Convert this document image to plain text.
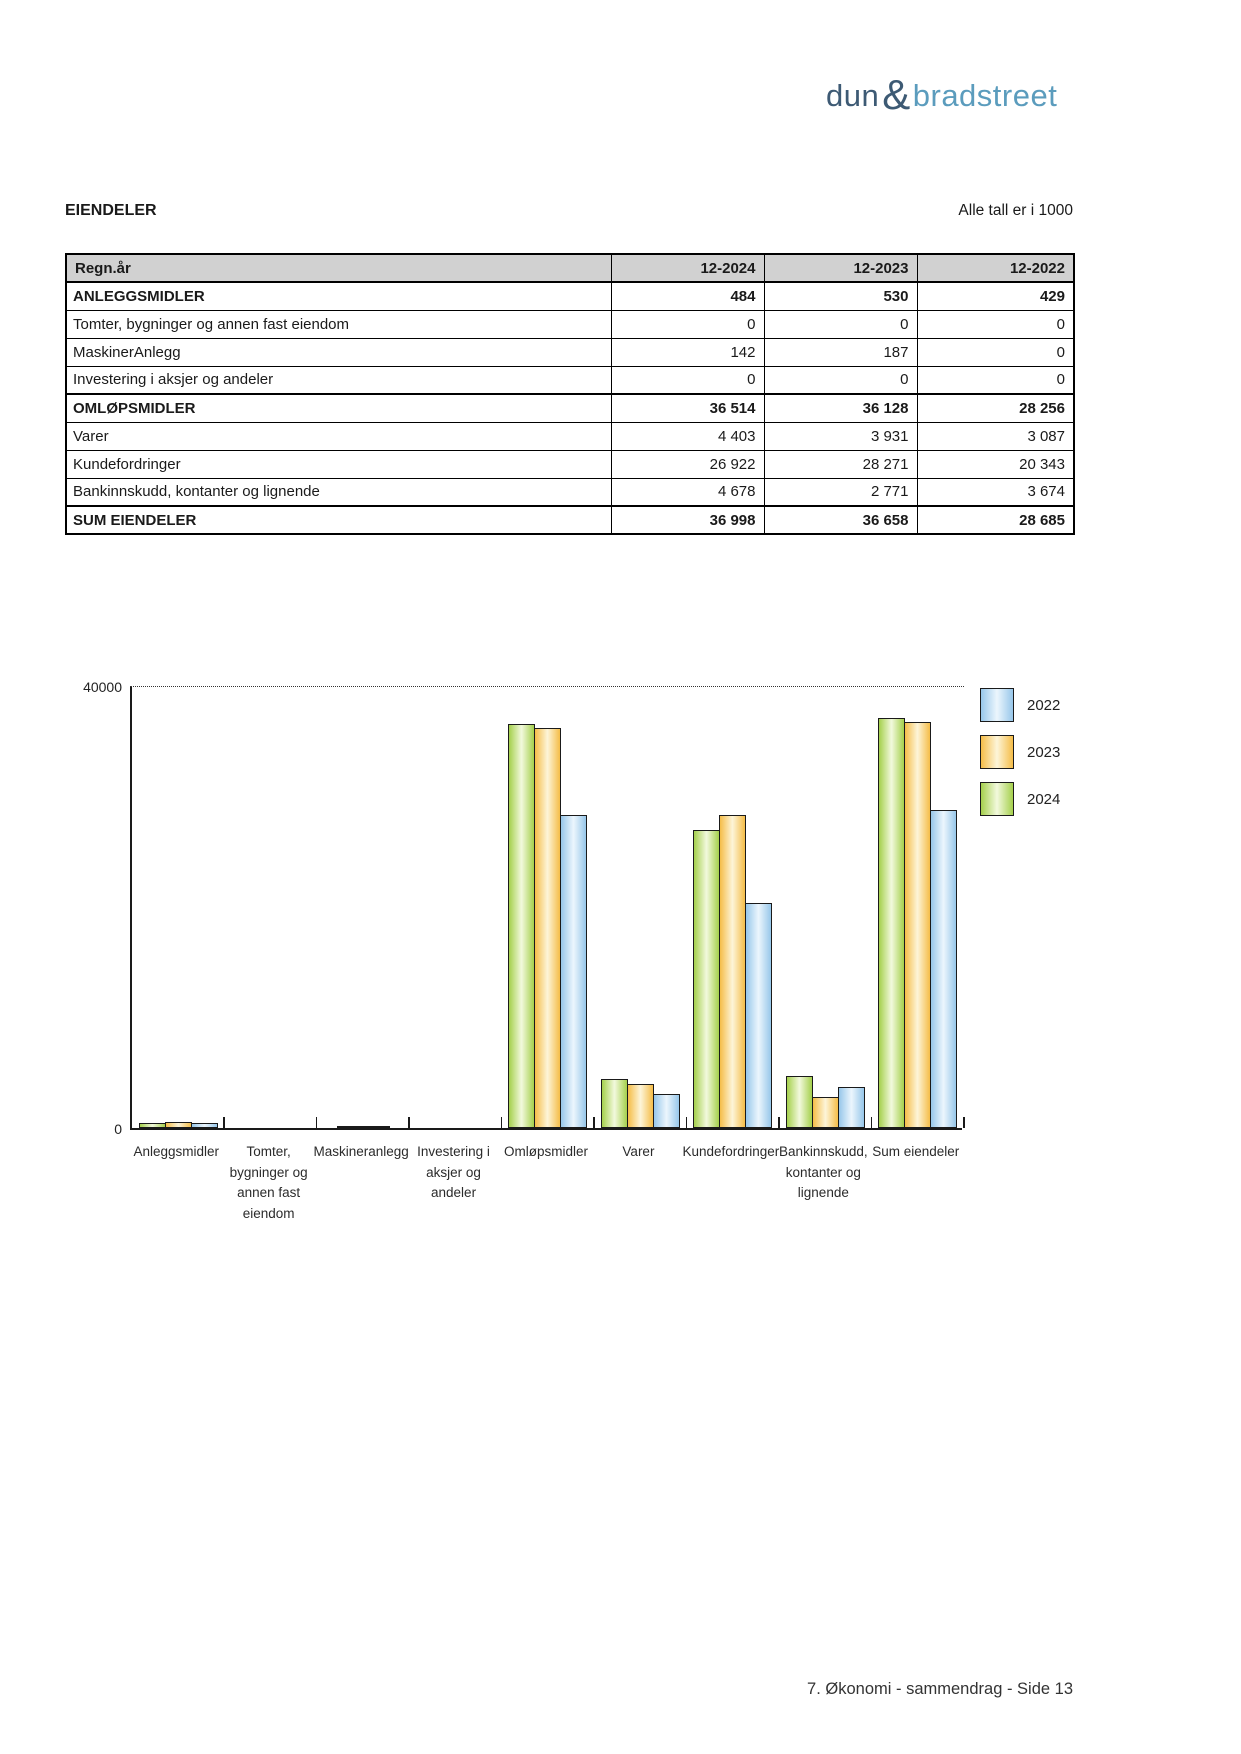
dun&bradstreet
EIENDELER	Alle tall er i 1000
Regn.år	12-2024	12-2023	12-2022
ANLEGGSMIDLER	484	530	429
Tomter, bygninger og annen fast eiendom	0	0	0
MaskinerAnlegg	142	187	0
Investering i aksjer og andeler	0	0	0
OMLØPSMIDLER	36 514	36 128	28 256
Varer	4 403	3 931	3 087
Kundefordringer	26 922	28 271	20 343
Bankinnskudd, kontanter og lignende	4 678	2 771	3 674
SUM EIENDELER	36 998	36 658	28 685
40000
0
Anleggsmidler	Tomter,
bygninger og
annen fast
eiendom
Maskineranlegg Investering i
aksjer og
andeler
Omløpsmidler	Varer Kundefordringer Bankinnskudd,
kontanter og
lignende
Sum eiendeler
2022
2023
2024
7. Økonomi - sammendrag - Side 13
